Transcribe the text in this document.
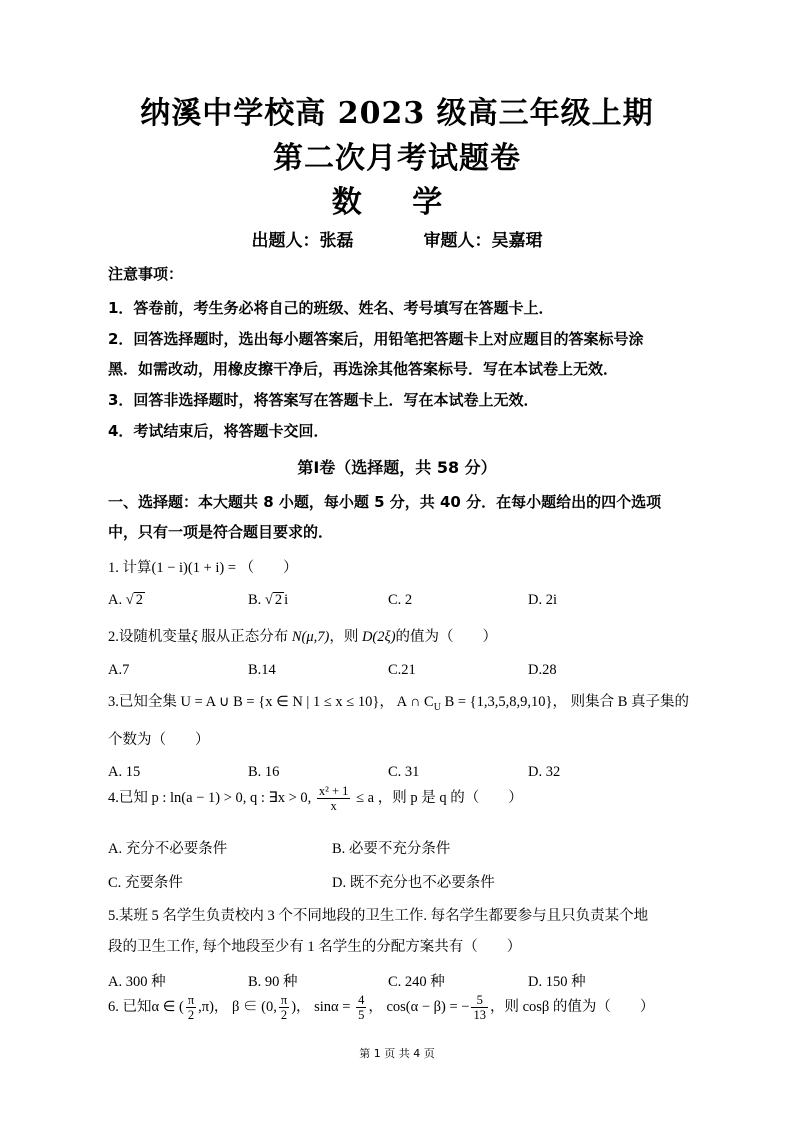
纳溪中学校高 2023 级高三年级上期
第二次月考试题卷
数 学
出题人：张磊	审题人：吴嘉珺
注意事项：
1．答卷前，考生务必将自己的班级、姓名、考号填写在答题卡上．
2．回答选择题时，选出每小题答案后，用铅笔把答题卡上对应题目的答案标号涂
黑．如需改动，用橡皮擦干净后，再选涂其他答案标号．写在本试卷上无效．
3．回答非选择题时，将答案写在答题卡上．写在本试卷上无效．
4．考试结束后，将答题卡交回．
第Ⅰ卷（选择题，共 58 分）
一、选择题：本大题共 8 小题，每小题 5 分，共 40 分．在每小题给出的四个选项
中，只有一项是符合题目要求的．
1. 计算(1 − i)(1 + i) = （　　）
A. √ 2	B. √ 2 i	C. 2	D. 2i
2.设随机变量ξ 服从正态分布 N(μ,7)，则 D(2ξ)的值为（　　）
A.7	B.14	C.21	D.28
3.已知全集 U = A ∪ B = {x ∈ N | 1 ≤ x ≤ 10}， A ∩ $C_U$ B = {1,3,5,8,9,10}， 则集合 B 真子集的
个数为（　　）
A. 15	B. 16	C. 31	D. 32
4.已知 p : ln(a − 1) > 0, q : ∃x > 0, $\frac{\text{x² + 1}}{x} \le a$ ，则 p 是 q 的（　　）
A. 充分不必要条件	B. 必要不充分条件
C. 充要条件	D. 既不充分也不必要条件
5.某班 5 名学生负责校内 3 个不同地段的卫生工作. 每名学生都要参与且只负责某个地
段的卫生工作, 每个地段至少有 1 名学生的分配方案共有（　　）
A. 300 种	B. 90 种	C. 240 种	D. 150 种
6. 已知α ∈ ( $\frac{\pi}{2} ,\pi$)， β ∈ (0, $\frac{\pi}{2}$ )， $\sin\alpha = \frac{4}{5}$ ， cos(α − β) = − $\frac{5}{13}$ ，则 cosβ 的值为（　　）
第 1 页 共 4 页
